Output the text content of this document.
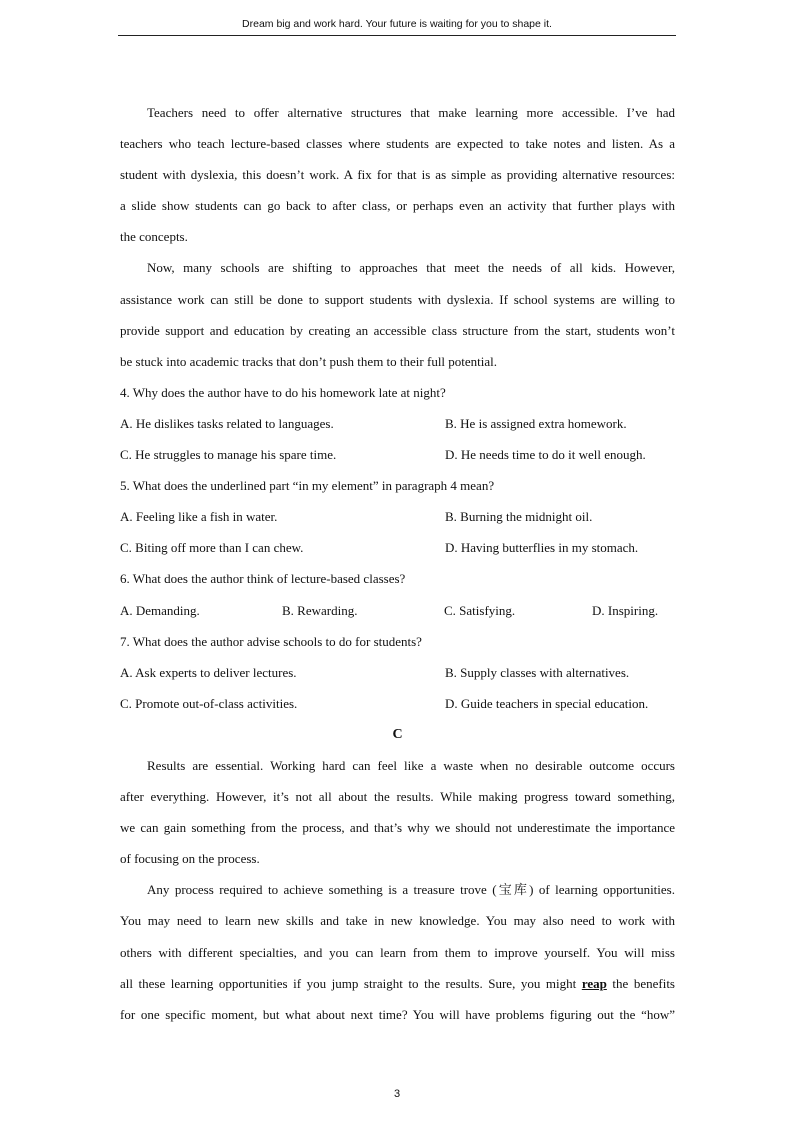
Dream big and work hard. Your future is waiting for you to shape it.
Teachers need to offer alternative structures that make learning more accessible. I’ve had
teachers who teach lecture-based classes where students are expected to take notes and listen. As a
student with dyslexia, this doesn’t work. A fix for that is as simple as providing alternative resources:
a slide show students can go back to after class, or perhaps even an activity that further plays with
the concepts.
Now, many schools are shifting to approaches that meet the needs of all kids. However,
assistance work can still be done to support students with dyslexia. If school systems are willing to
provide support and education by creating an accessible class structure from the start, students won’t
be stuck into academic tracks that don’t push them to their full potential.
4. Why does the author have to do his homework late at night?
A. He dislikes tasks related to languages.	B. He is assigned extra homework.
C. He struggles to manage his spare time.	D. He needs time to do it well enough.
5. What does the underlined part “in my element” in paragraph 4 mean?
A. Feeling like a fish in water.	B. Burning the midnight oil.
C. Biting off more than I can chew.	D. Having butterflies in my stomach.
6. What does the author think of lecture-based classes?
A. Demanding.	B. Rewarding.	C. Satisfying.	D. Inspiring.
7. What does the author advise schools to do for students?
A. Ask experts to deliver lectures.	B. Supply classes with alternatives.
C. Promote out-of-class activities.	D. Guide teachers in special education.
C
Results are essential. Working hard can feel like a waste when no desirable outcome occurs
after everything. However, it’s not all about the results. While making progress toward something,
we can gain something from the process, and that’s why we should not underestimate the importance
of focusing on the process.
Any process required to achieve something is a treasure trove (宝库) of learning opportunities.
You may need to learn new skills and take in new knowledge. You may also need to work with
others with different specialties, and you can learn from them to improve yourself. You will miss
all these learning opportunities if you jump straight to the results. Sure, you might reap the benefits
for one specific moment, but what about next time? You will have problems figuring out the “how”
3
